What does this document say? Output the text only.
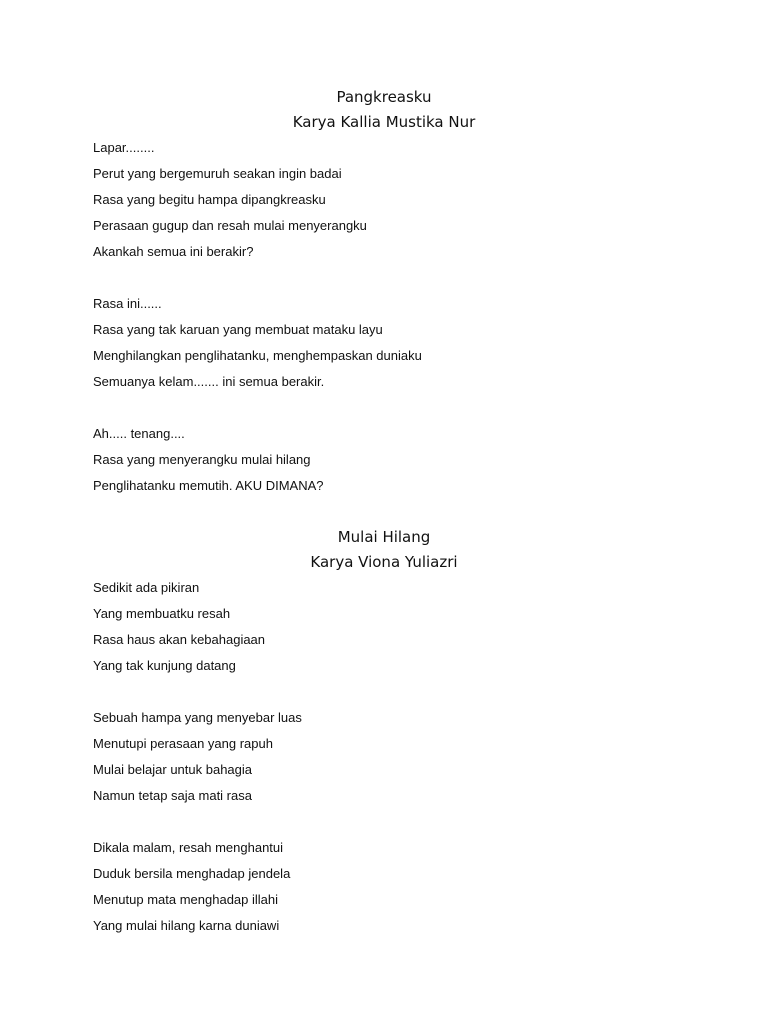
Pangkreasku

Karya Kallia Mustika Nur

Lapar........
Perut yang bergemuruh seakan ingin badai
Rasa yang begitu hampa dipangkreasku
Perasaan gugup dan resah mulai menyerangku
Akankah semua ini berakir?
Rasa ini......
Rasa yang tak karuan yang membuat mataku layu
Menghilangkan penglihatanku, menghempaskan duniaku
Semuanya kelam....... ini semua berakir.
Ah..... tenang....
Rasa yang menyerangku mulai hilang
Penglihatanku memutih. AKU DIMANA?

Mulai Hilang

Karya Viona Yuliazri

Sedikit ada pikiran
Yang membuatku resah
Rasa haus akan kebahagiaan
Yang tak kunjung datang
Sebuah hampa yang menyebar luas
Menutupi perasaan yang rapuh
Mulai belajar untuk bahagia
Namun tetap saja mati rasa
Dikala malam, resah menghantui
Duduk bersila menghadap jendela
Menutup mata menghadap illahi
Yang mulai hilang karna duniawi
